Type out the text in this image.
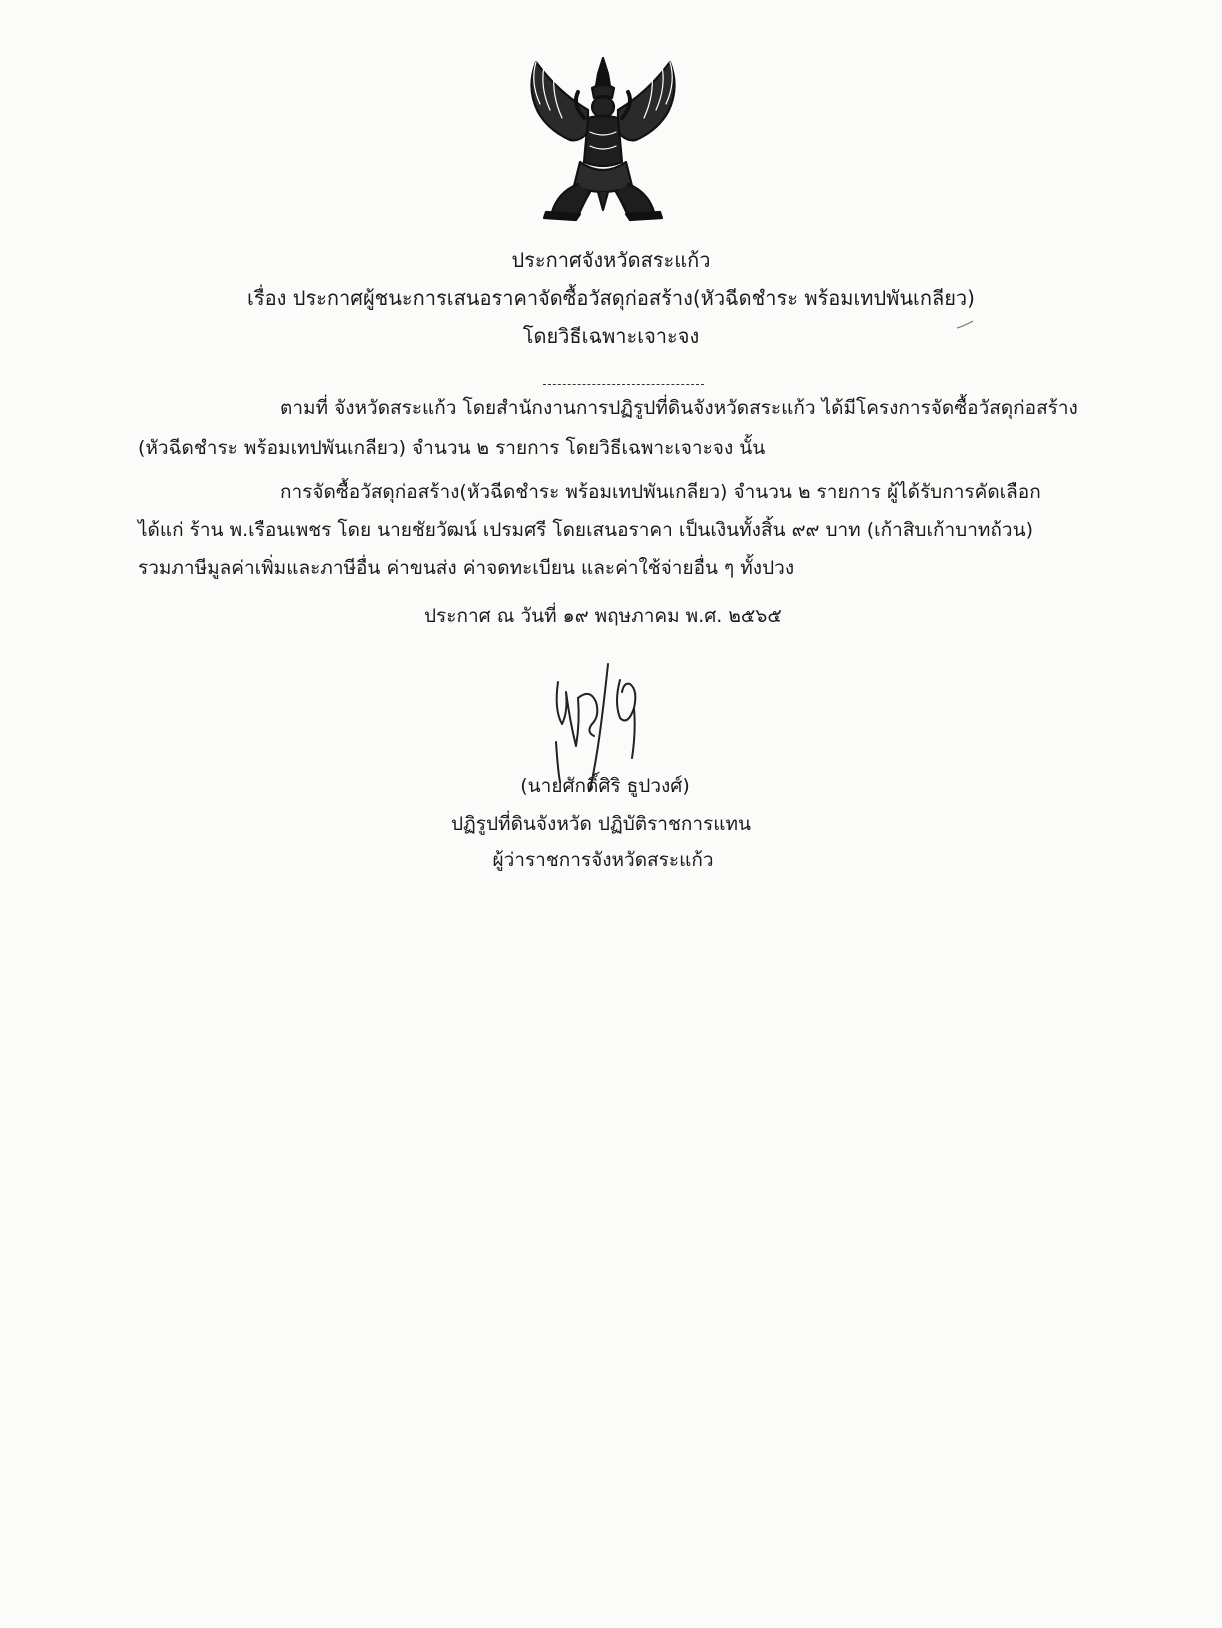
ประกาศจังหวัดสระแก้ว
เรื่อง ประกาศผู้ชนะการเสนอราคาจัดซื้อวัสดุก่อสร้าง(หัวฉีดชำระ พร้อมเทปพันเกลียว)
โดยวิธีเฉพาะเจาะจง
ตามที่ จังหวัดสระแก้ว โดยสำนักงานการปฏิรูปที่ดินจังหวัดสระแก้ว ได้มีโครงการจัดซื้อวัสดุก่อสร้าง
(หัวฉีดชำระ พร้อมเทปพันเกลียว) จำนวน ๒ รายการ โดยวิธีเฉพาะเจาะจง นั้น
การจัดซื้อวัสดุก่อสร้าง(หัวฉีดชำระ พร้อมเทปพันเกลียว) จำนวน ๒ รายการ ผู้ได้รับการคัดเลือก
ได้แก่ ร้าน พ.เรือนเพชร โดย นายชัยวัฒน์ เปรมศรี โดยเสนอราคา เป็นเงินทั้งสิ้น ๙๙ บาท (เก้าสิบเก้าบาทถ้วน)
รวมภาษีมูลค่าเพิ่มและภาษีอื่น ค่าขนส่ง ค่าจดทะเบียน และค่าใช้จ่ายอื่น ๆ ทั้งปวง
ประกาศ ณ วันที่ ๑๙ พฤษภาคม พ.ศ. ๒๕๖๕
(นายศักดิ์ศิริ ธูปวงศ์)
ปฏิรูปที่ดินจังหวัด ปฏิบัติราชการแทน
ผู้ว่าราชการจังหวัดสระแก้ว
